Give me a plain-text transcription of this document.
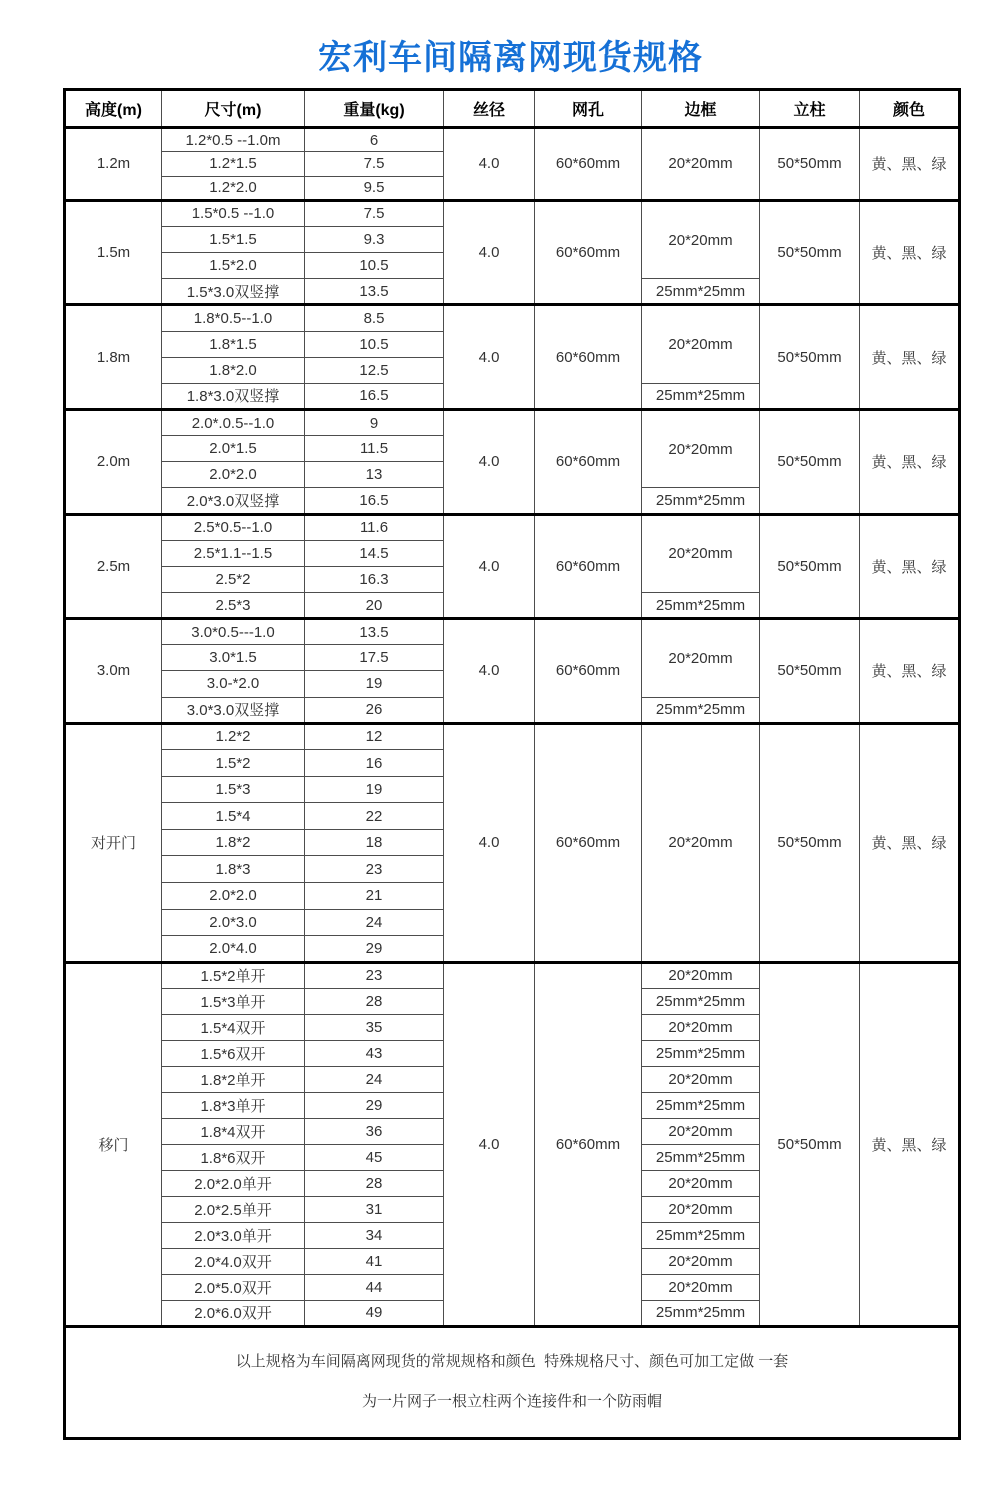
宏利车间隔离网现货规格
高度(m)	尺寸(m)	重量(kg)	丝径	网孔	边框	立柱	颜色
1.2m	1.2*0.5 --1.0m	6	4.0	60*60mm	20*20mm	50*50mm	黄、黑、绿
	1.2*1.5	7.5					
	1.2*2.0	9.5					
1.5m	1.5*0.5 --1.0	7.5	4.0	60*60mm	20*20mm	50*50mm	黄、黑、绿
	1.5*1.5	9.3					
	1.5*2.0	10.5					
	1.5*3.0双竖撑	13.5			25mm*25mm		
1.8m	1.8*0.5--1.0	8.5	4.0	60*60mm	20*20mm	50*50mm	黄、黑、绿
	1.8*1.5	10.5					
	1.8*2.0	12.5					
	1.8*3.0双竖撑	16.5			25mm*25mm		
2.0m	2.0*.0.5--1.0	9	4.0	60*60mm	20*20mm	50*50mm	黄、黑、绿
	2.0*1.5	11.5					
	2.0*2.0	13					
	2.0*3.0双竖撑	16.5			25mm*25mm		
2.5m	2.5*0.5--1.0	11.6	4.0	60*60mm	20*20mm	50*50mm	黄、黑、绿
	2.5*1.1--1.5	14.5					
	2.5*2	16.3					
	2.5*3	20			25mm*25mm		
3.0m	3.0*0.5---1.0	13.5	4.0	60*60mm	20*20mm	50*50mm	黄、黑、绿
	3.0*1.5	17.5					
	3.0-*2.0	19					
	3.0*3.0双竖撑	26			25mm*25mm		
对开门	1.2*2	12	4.0	60*60mm	20*20mm	50*50mm	黄、黑、绿
	1.5*2	16					
	1.5*3	19					
	1.5*4	22					
	1.8*2	18					
	1.8*3	23					
	2.0*2.0	21					
	2.0*3.0	24					
	2.0*4.0	29					
移门	1.5*2单开	23	4.0	60*60mm	20*20mm	50*50mm	黄、黑、绿
	1.5*3单开	28			25mm*25mm		
	1.5*4双开	35			20*20mm		
	1.5*6双开	43			25mm*25mm		
	1.8*2单开	24			20*20mm		
	1.8*3单开	29			25mm*25mm		
	1.8*4双开	36			20*20mm		
	1.8*6双开	45			25mm*25mm		
	2.0*2.0单开	28			20*20mm		
	2.0*2.5单开	31			20*20mm		
	2.0*3.0单开	34			25mm*25mm		
	2.0*4.0双开	41			20*20mm		
	2.0*5.0双开	44			20*20mm		
	2.0*6.0双开	49			25mm*25mm		

以上规格为车间隔离网现货的常规规格和颜色  特殊规格尺寸、颜色可加工定做 一套
为一片网子一根立柱两个连接件和一个防雨帽							
